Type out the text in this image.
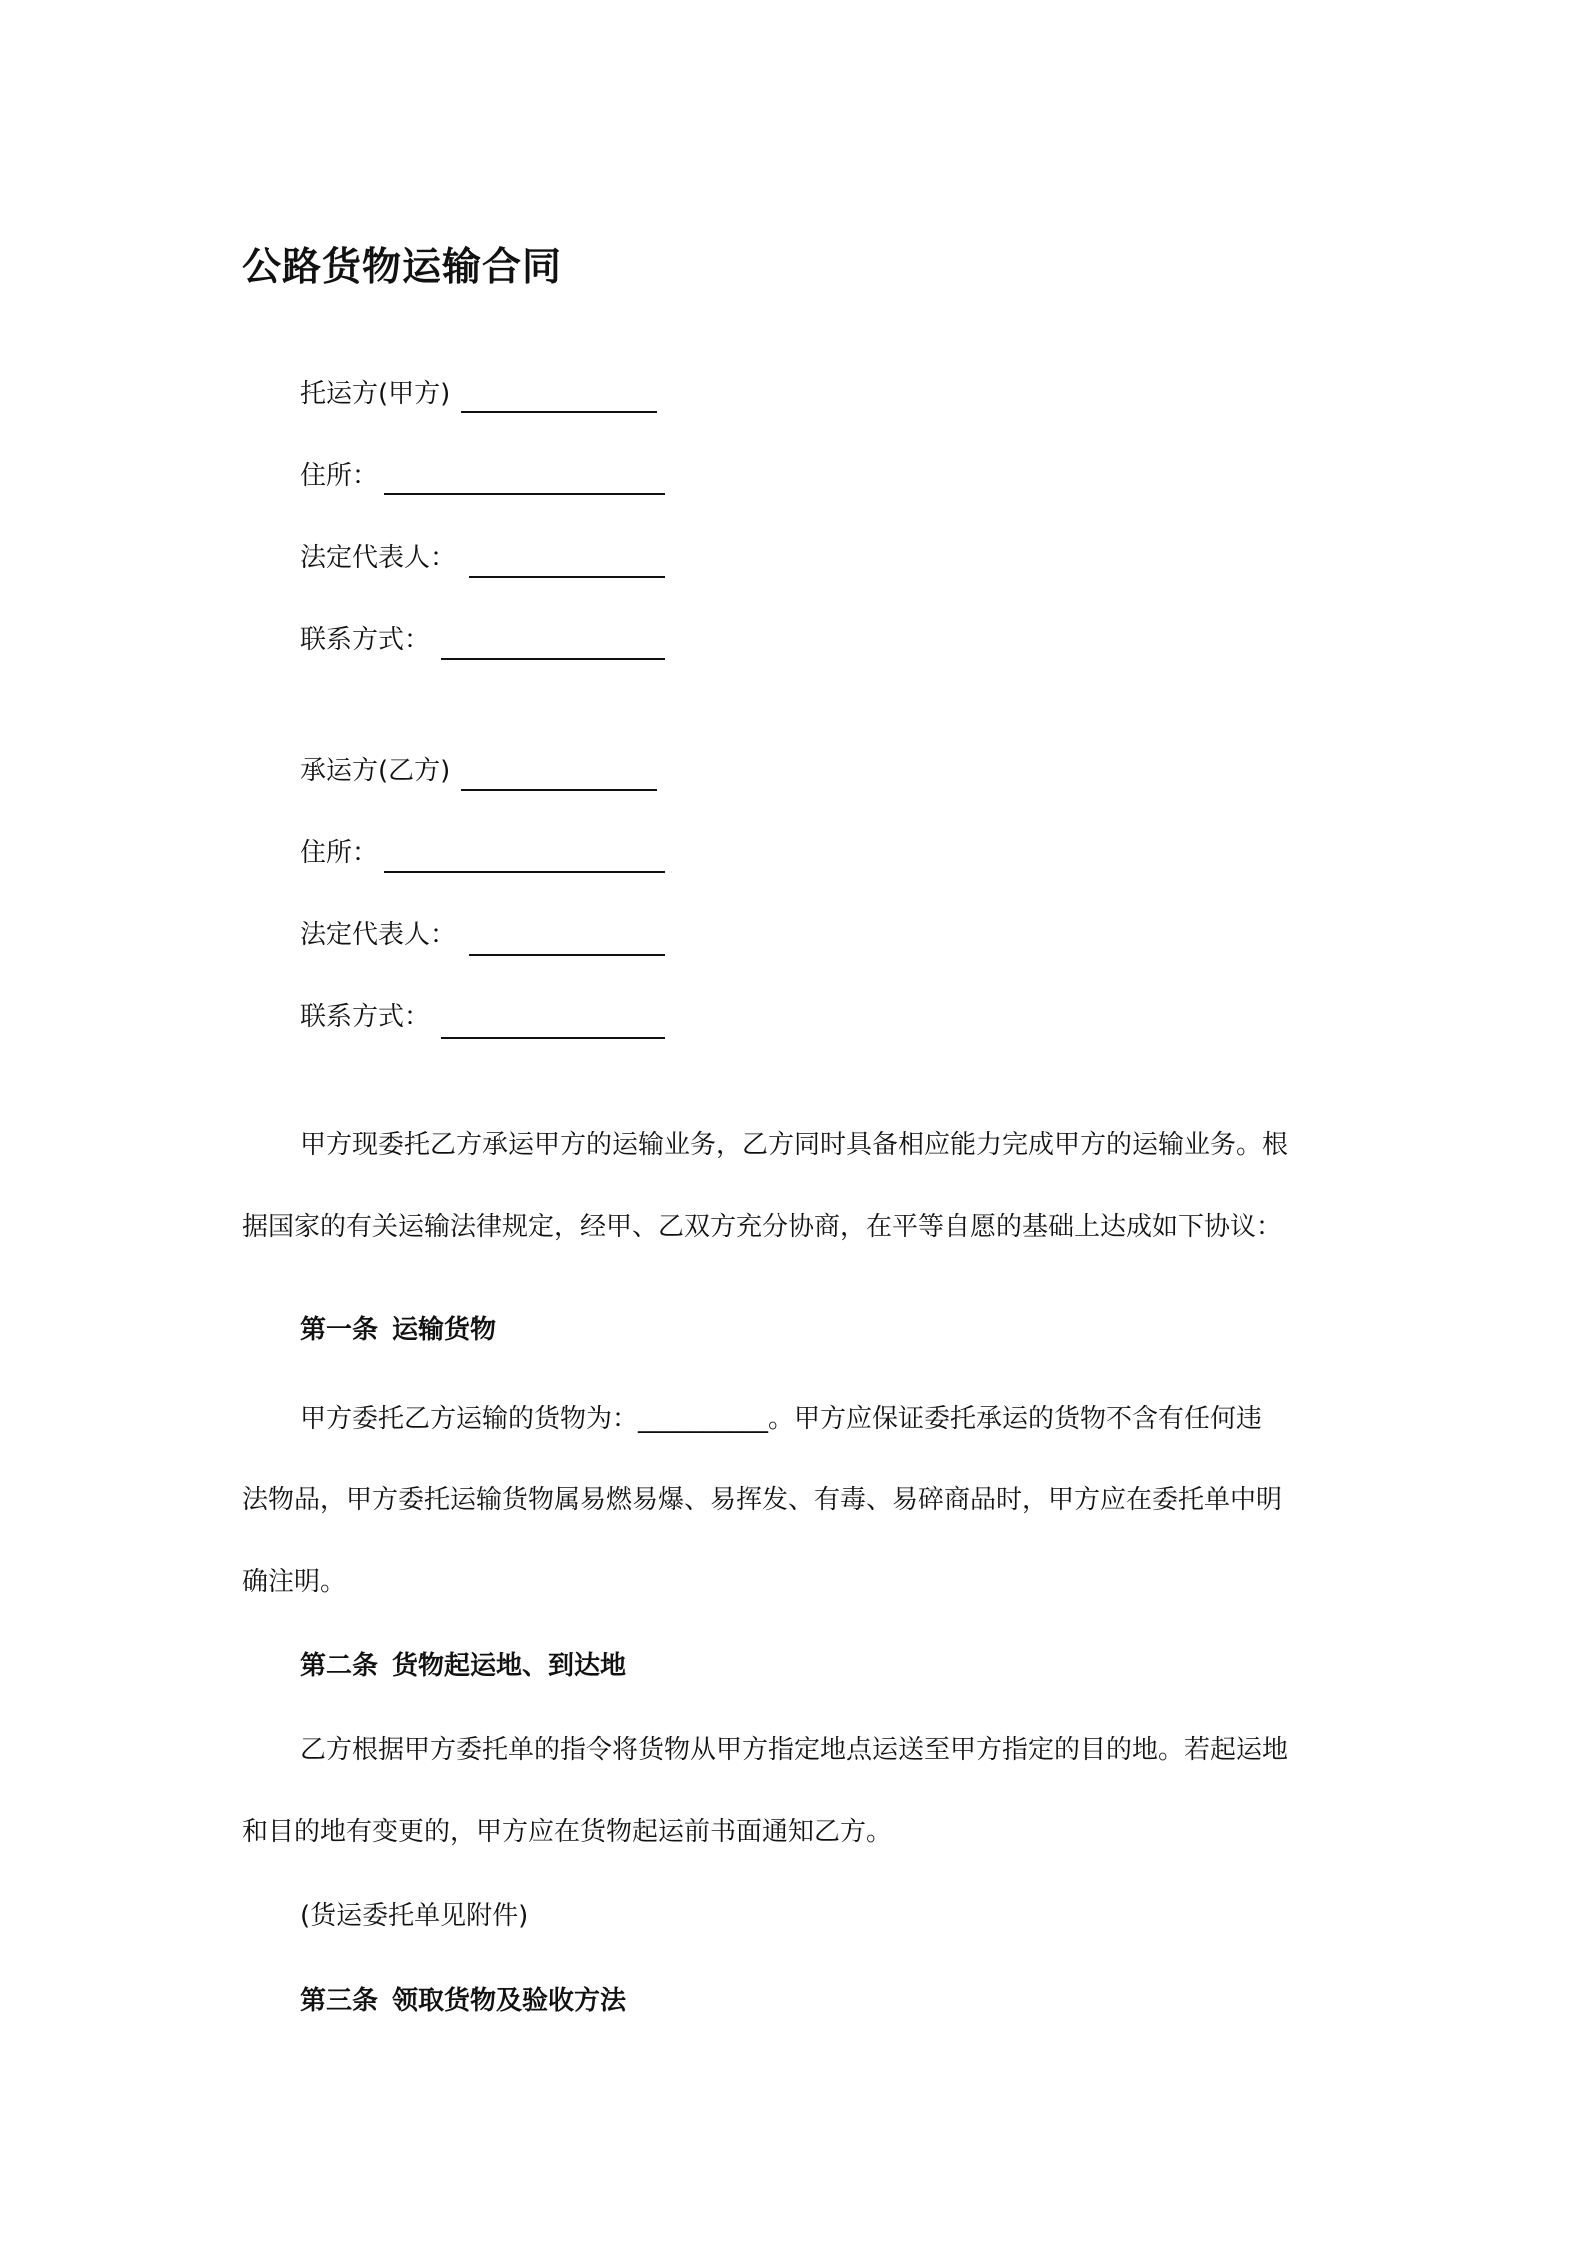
公路货物运输合同
托运方(甲方)
住所：
法定代表人：
联系方式：
承运方(乙方)
住所：
法定代表人：
联系方式：
甲方现委托乙方承运甲方的运输业务，乙方同时具备相应能力完成甲方的运输业务。根
据国家的有关运输法律规定，经甲、乙双方充分协商，在平等自愿的基础上达成如下协议：
第一条 运输货物
甲方委托乙方运输的货物为：__________。甲方应保证委托承运的货物不含有任何违
法物品，甲方委托运输货物属易燃易爆、易挥发、有毒、易碎商品时，甲方应在委托单中明
确注明。
第二条 货物起运地、到达地
乙方根据甲方委托单的指令将货物从甲方指定地点运送至甲方指定的目的地。若起运地
和目的地有变更的，甲方应在货物起运前书面通知乙方。
(货运委托单见附件)
第三条 领取货物及验收方法
